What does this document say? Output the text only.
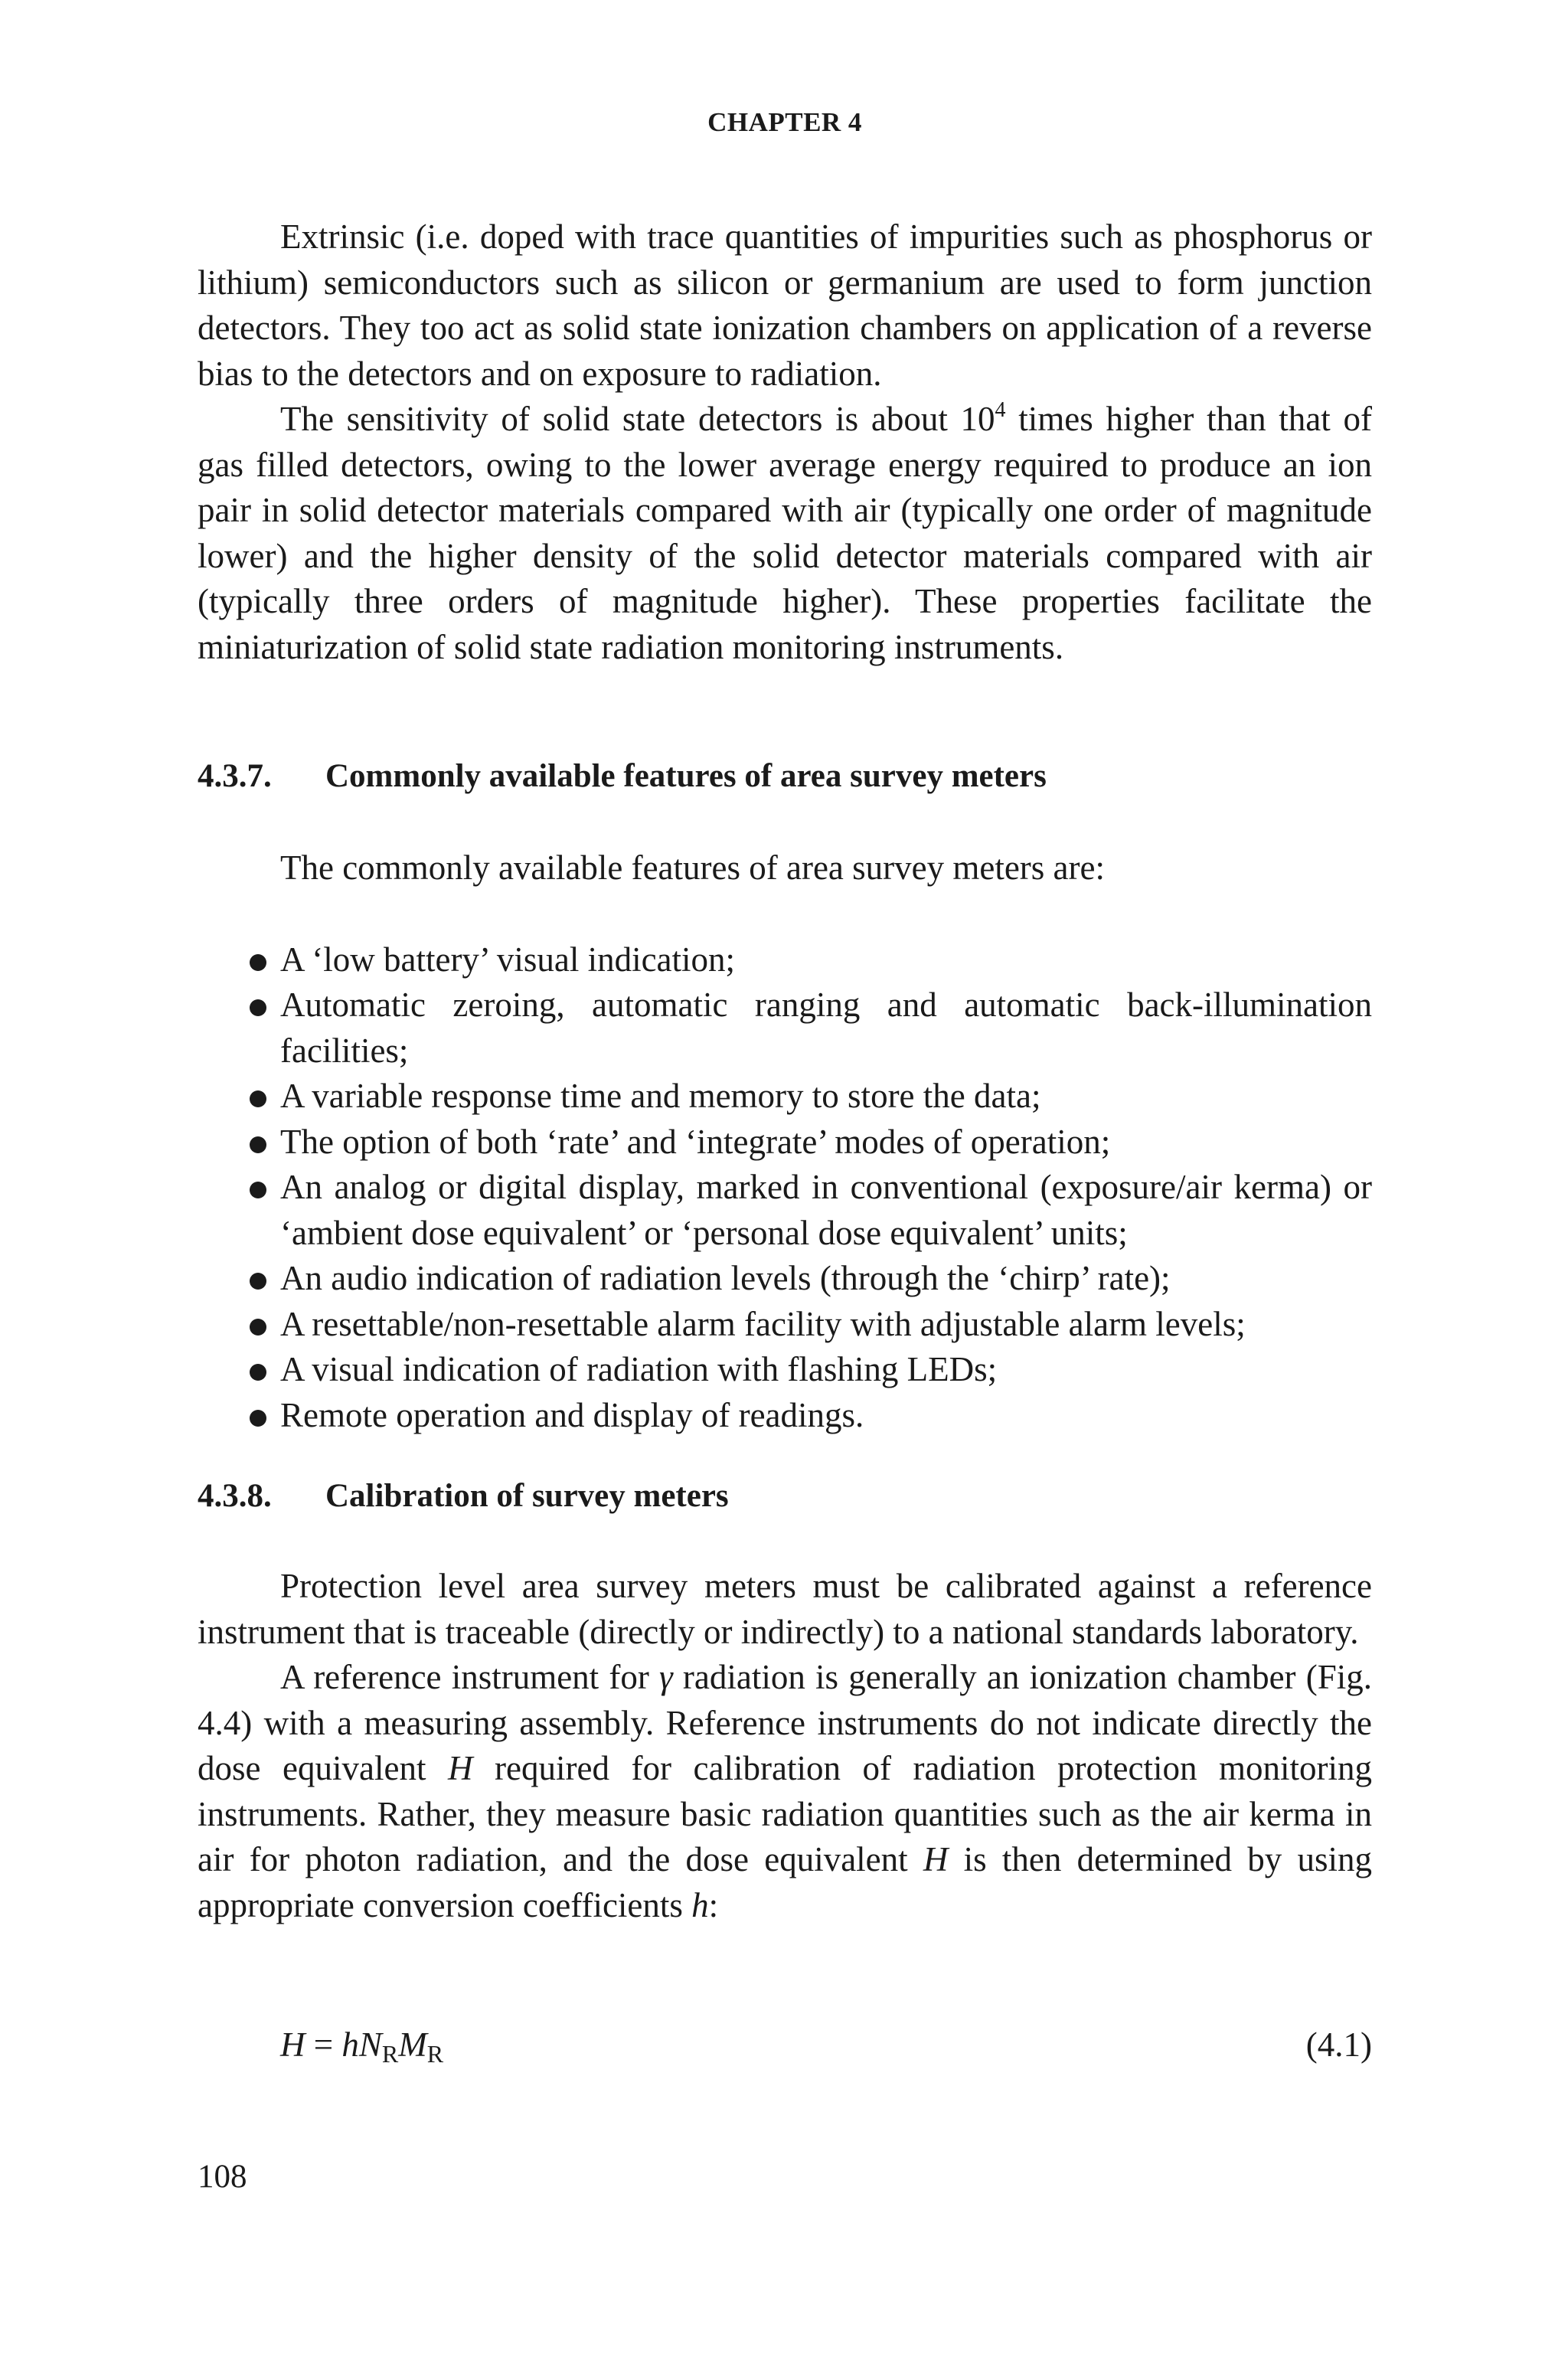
CHAPTER 4

Extrinsic (i.e. doped with trace quantities of impurities such as phosphorus or lithium) semiconductors such as silicon or germanium are used to form junction detectors. They too act as solid state ionization chambers on application of a reverse bias to the detectors and on exposure to radiation.

The sensitivity of solid state detectors is about $10^4$ times higher than that of gas filled detectors, owing to the lower average energy required to produce an ion pair in solid detector materials compared with air (typically one order of magnitude lower) and the higher density of the solid detector materials compared with air (typically three orders of magnitude higher). These properties facilitate the miniaturization of solid state radiation monitoring instruments.

4.3.7. Commonly available features of area survey meters

The commonly available features of area survey meters are:

A ‘low battery’ visual indication;
Automatic zeroing, automatic ranging and automatic back-illumination facilities;
A variable response time and memory to store the data;
The option of both ‘rate’ and ‘integrate’ modes of operation;
An analog or digital display, marked in conventional (exposure/air kerma) or ‘ambient dose equivalent’ or ‘personal dose equivalent’ units;
An audio indication of radiation levels (through the ‘chirp’ rate);
A resettable/non-resettable alarm facility with adjustable alarm levels;
A visual indication of radiation with flashing LEDs;
Remote operation and display of readings.
4.3.8. Calibration of survey meters

Protection level area survey meters must be calibrated against a reference instrument that is traceable (directly or indirectly) to a national standards laboratory.

A reference instrument for γ radiation is generally an ionization chamber (Fig. 4.4) with a measuring assembly. Reference instruments do not indicate directly the dose equivalent H required for calibration of radiation protection monitoring instruments. Rather, they measure basic radiation quantities such as the air kerma in air for photon radiation, and the dose equivalent H is then determined by using appropriate conversion coefficients h:

$H = hN_RM_R$	(4.1)
108
